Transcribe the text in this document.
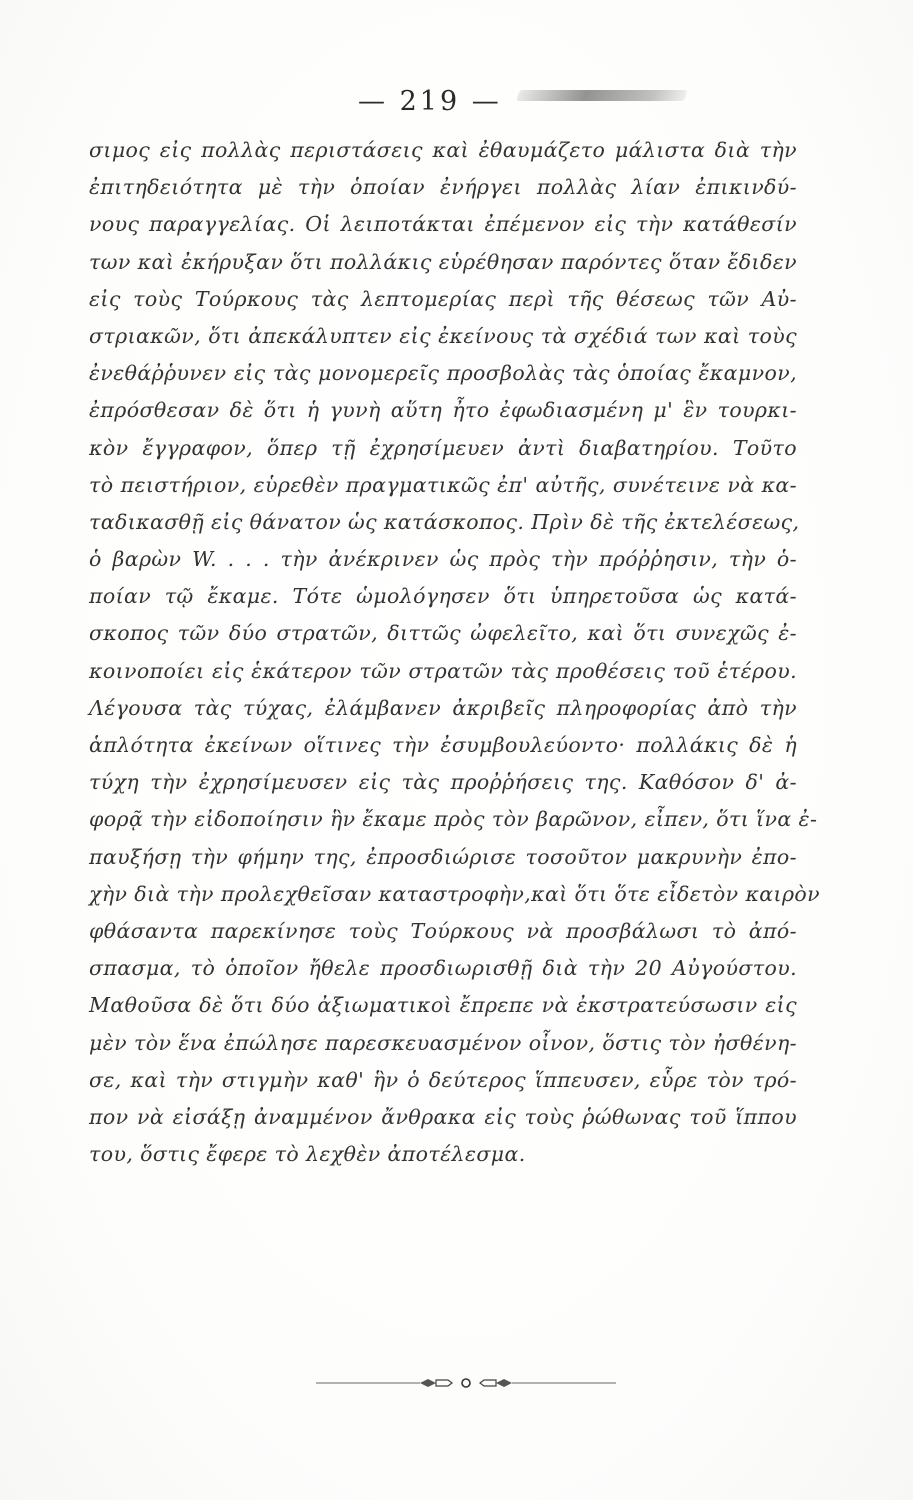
— 219 —
σιμος εἰς πολλὰς περιστάσεις καὶ ἐθαυμάζετο μάλιστα διὰ τὴν
ἐπιτηδειότητα μὲ τὴν ὁποίαν ἐνήργει πολλὰς λίαν ἐπικινδύ-
νους παραγγελίας. Οἱ λειποτάκται ἐπέμενον εἰς τὴν κατάθεσίν
των καὶ ἐκήρυξαν ὅτι πολλάκις εὑρέθησαν παρόντες ὅταν ἔδιδεν
εἰς τοὺς Τούρκους τὰς λεπτομερίας περὶ τῆς θέσεως τῶν Αὐ-
στριακῶν, ὅτι ἀπεκάλυπτεν εἰς ἐκείνους τὰ σχέδιά των καὶ τοὺς
ἐνεθάῤῥυνεν εἰς τὰς μονομερεῖς προσβολὰς τὰς ὁποίας ἔκαμνον,
ἐπρόσθεσαν δὲ ὅτι ἡ γυνὴ αὕτη ἦτο ἐφωδιασμένη μ' ἓν τουρκι-
κὸν ἔγγραφον, ὅπερ τῇ ἐχρησίμευεν ἀντὶ διαβατηρίου. Τοῦτο
τὸ πειστήριον, εὑρεθὲν πραγματικῶς ἐπ' αὐτῆς, συνέτεινε νὰ κα-
ταδικασθῇ εἰς θάνατον ὡς κατάσκοπος. Πρὶν δὲ τῆς ἐκτελέσεως,
ὁ βαρὼν W. . . . τὴν ἀνέκρινεν ὡς πρὸς τὴν πρόῤῥησιν, τὴν ὁ-
ποίαν τῷ ἔκαμε. Τότε ὡμολόγησεν ὅτι ὑπηρετοῦσα ὡς κατά-
σκοπος τῶν δύο στρατῶν, διττῶς ὠφελεῖτο, καὶ ὅτι συνεχῶς ἐ-
κοινοποίει εἰς ἑκάτερον τῶν στρατῶν τὰς προθέσεις τοῦ ἑτέρου.
Λέγουσα τὰς τύχας, ἐλάμβανεν ἀκριβεῖς πληροφορίας ἀπὸ τὴν
ἁπλότητα ἐκείνων οἵτινες τὴν ἐσυμβουλεύοντο· πολλάκις δὲ ἡ
τύχη τὴν ἐχρησίμευσεν εἰς τὰς προῤῥήσεις της. Καθόσον δ' ἀ-
φορᾷ τὴν εἰδοποίησιν ἣν ἔκαμε πρὸς τὸν βαρῶνον, εἶπεν, ὅτι ἵνα ἐ-
παυξήσῃ τὴν φήμην της, ἐπροσδιώρισε τοσοῦτον μακρυνὴν ἐπο-
χὴν διὰ τὴν προλεχθεῖσαν καταστροφὴν,καὶ ὅτι ὅτε εἶδετὸν καιρὸν
φθάσαντα παρεκίνησε τοὺς Τούρκους νὰ προσβάλωσι τὸ ἀπό-
σπασμα, τὸ ὁποῖον ἤθελε προσδιωρισθῇ διὰ τὴν 20 Αὐγούστου.
Μαθοῦσα δὲ ὅτι δύο ἀξιωματικοὶ ἔπρεπε νὰ ἐκστρατεύσωσιν εἰς
μὲν τὸν ἕνα ἐπώλησε παρεσκευασμένον οἶνον, ὅστις τὸν ἠσθένη-
σε, καὶ τὴν στιγμὴν καθ' ἣν ὁ δεύτερος ἵππευσεν, εὗρε τὸν τρό-
πον νὰ εἰσάξῃ ἀναμμένον ἄνθρακα εἰς τοὺς ῥώθωνας τοῦ ἵππου
του, ὅστις ἔφερε τὸ λεχθὲν ἀποτέλεσμα.
